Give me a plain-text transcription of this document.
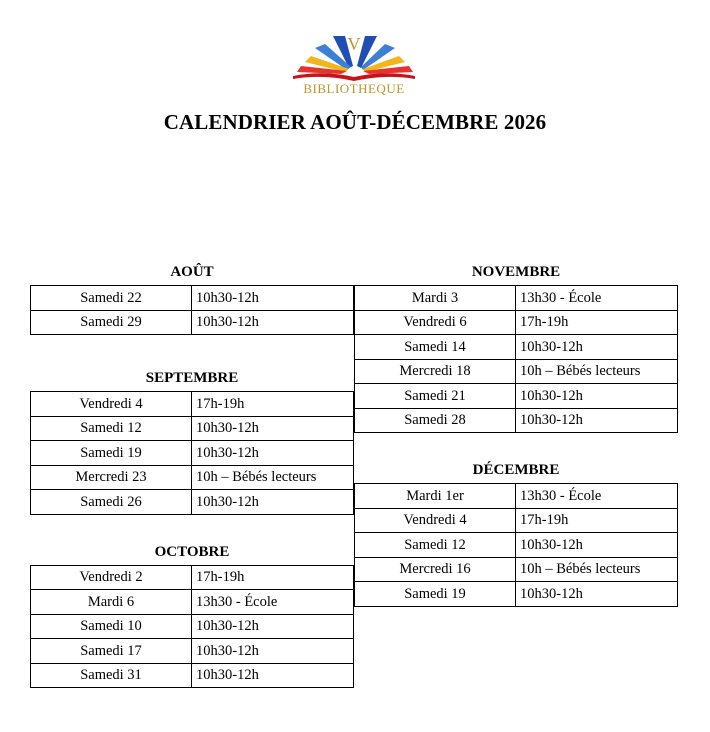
V
BIBLIOTHEQUE
CALENDRIER AOÛT-DÉCEMBRE 2026
AOÛT
Samedi 22	10h30-12h
Samedi 29	10h30-12h
SEPTEMBRE
Vendredi 4	17h-19h
Samedi 12	10h30-12h
Samedi 19	10h30-12h
Mercredi 23	10h – Bébés lecteurs
Samedi 26	10h30-12h
OCTOBRE
Vendredi 2	17h-19h
Mardi 6	13h30 - École
Samedi 10	10h30-12h
Samedi 17	10h30-12h
Samedi 31	10h30-12h
NOVEMBRE
Mardi 3	13h30 - École
Vendredi 6	17h-19h
Samedi 14	10h30-12h
Mercredi 18	10h – Bébés lecteurs
Samedi 21	10h30-12h
Samedi 28	10h30-12h
DÉCEMBRE
Mardi 1er	13h30 - École
Vendredi 4	17h-19h
Samedi 12	10h30-12h
Mercredi 16	10h – Bébés lecteurs
Samedi 19	10h30-12h
